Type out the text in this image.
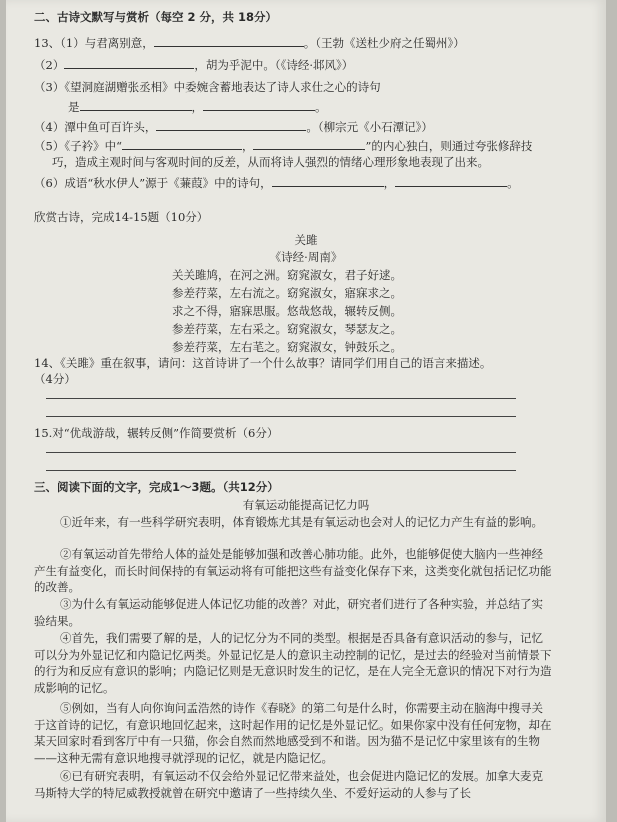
二、古诗文默写与赏析（每空 2 分，共 18分）
13、（1）与君离别意，	。（王勃《送杜少府之任蜀州》）
（2）	，胡为乎泥中。（《诗经·邶风》）
（3）《望洞庭湖赠张丞相》中委婉含蓄地表达了诗人求仕之心的诗句
是	，	。
（4）潭中鱼可百许头，	。（柳宗元《小石潭记》）
（5）《子衿》中“	，	”的内心独白，则通过夸张修辞技
巧，造成主观时间与客观时间的反差，从而将诗人强烈的情绪心理形象地表现了出来。
（6）成语“秋水伊人”源于《蒹葭》中的诗句，	，	。
欣赏古诗，完成14-15题（10分）
关雎
《诗经·周南》
关关雎鸠，在河之洲。窈窕淑女，君子好逑。
参差荇菜，左右流之。窈窕淑女，寤寐求之。
求之不得，寤寐思服。悠哉悠哉，辗转反侧。
参差荇菜，左右采之。窈窕淑女，琴瑟友之。
参差荇菜，左右芼之。窈窕淑女，钟鼓乐之。
14、《关雎》重在叙事，请问：这首诗讲了一个什么故事？请同学们用自己的语言来描述。
（4分）
15.对“优哉游哉，辗转反侧”作简要赏析（6分）
三、阅读下面的文字，完成1～3题。（共12分）
有氧运动能提高记忆力吗
①近年来，有一些科学研究表明，体育锻炼尤其是有氧运动也会对人的记忆力产生有益的影响。
②有氧运动首先带给人体的益处是能够加强和改善心肺功能。此外，也能够促使大脑内一些神经产生有益变化，而长时间保持的有氧运动将有可能把这些有益变化保存下来，这类变化就包括记忆功能的改善。
③为什么有氧运动能够促进人体记忆功能的改善？对此，研究者们进行了各种实验，并总结了实验结果。
④首先，我们需要了解的是，人的记忆分为不同的类型。根据是否具备有意识活动的参与，记忆可以分为外显记忆和内隐记忆两类。外显记忆是人的意识主动控制的记忆，是过去的经验对当前情景下的行为和反应有意识的影响；内隐记忆则是无意识时发生的记忆，是在人完全无意识的情况下对行为造成影响的记忆。
⑤例如，当有人向你询问孟浩然的诗作《春晓》的第二句是什么时，你需要主动在脑海中搜寻关于这首诗的记忆，有意识地回忆起来，这时起作用的记忆是外显记忆。如果你家中没有任何宠物，却在某天回家时看到客厅中有一只猫，你会自然而然地感受到不和谐。因为猫不是记忆中家里该有的生物——这种无需有意识地搜寻就浮现的记忆，就是内隐记忆。
⑥已有研究表明，有氧运动不仅会给外显记忆带来益处，也会促进内隐记忆的发展。加拿大麦克马斯特大学的特尼威教授就曾在研究中邀请了一些持续久坐、不爱好运动的人参与了长
